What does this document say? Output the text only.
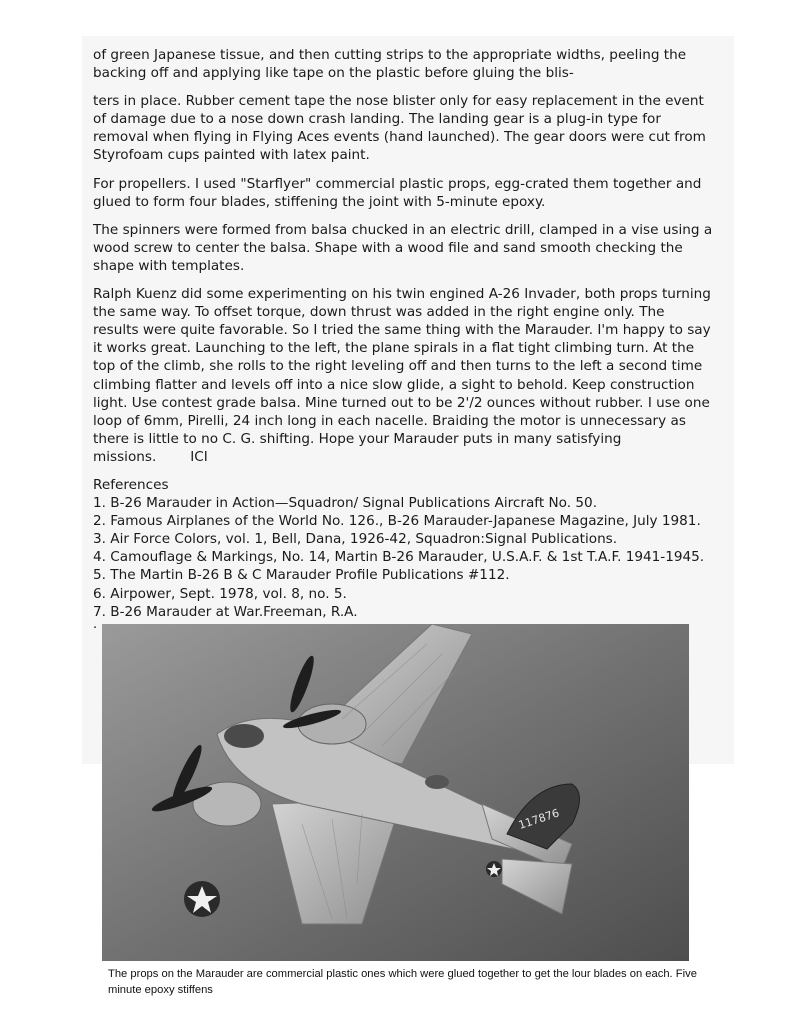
of green Japanese tissue, and then cutting strips to the appropriate widths, peeling the backing off and applying like tape on the plastic before gluing the blis-

ters in place. Rubber cement tape the nose blister only for easy replacement in the event of damage due to a nose down crash landing. The landing gear is a plug-in type for removal when flying in Flying Aces events (hand launched). The gear doors were cut from Styrofoam cups painted with latex paint.

For propellers. I used "Starflyer" commercial plastic props, egg-crated them together and glued to form four blades, stiffening the joint with 5-minute epoxy.

The spinners were formed from balsa chucked in an electric drill, clamped in a vise using a wood screw to center the balsa. Shape with a wood file and sand smooth checking the shape with templates.

Ralph Kuenz did some experimenting on his twin engined A-26 Invader, both props turning the same way. To offset torque, down thrust was added in the right engine only. The results were quite favorable. So I tried the same thing with the Marauder. I'm happy to say it works great. Launching to the left, the plane spirals in a flat tight climbing turn. At the top of the climb, she rolls to the right leveling off and then turns to the left a second time climbing flatter and levels off into a nice slow glide, a sight to behold. Keep construction light. Use contest grade balsa. Mine turned out to be 2'/2 ounces without rubber. I use one loop of 6mm, Pirelli, 24 inch long in each nacelle. Braiding the motor is unnecessary as there is little to no C. G. shifting. Hope your Marauder puts in many satisfying missions.	ICI

References
1. B-26 Marauder in Action—Squadron/ Signal Publications Aircraft No. 50.
2. Famous Airplanes of the World No. 126., B-26 Marauder-Japanese Magazine, July 1981.
3. Air Force Colors, vol. 1, Bell, Dana, 1926-42, Squadron:Signal Publications.
4. Camouflage & Markings, No. 14, Martin B-26 Marauder, U.S.A.F. & 1st T.A.F. 1941-1945.
5. The Martin B-26 B & C Marauder Profile Publications #112.
6. Airpower, Sept. 1978, vol. 8, no. 5.
7. B-26 Marauder at War.Freeman, R.A.
.
117876
The props on the Marauder are commercial plastic ones which were glued together to get the lour blades on each. Five minute epoxy stiffens
